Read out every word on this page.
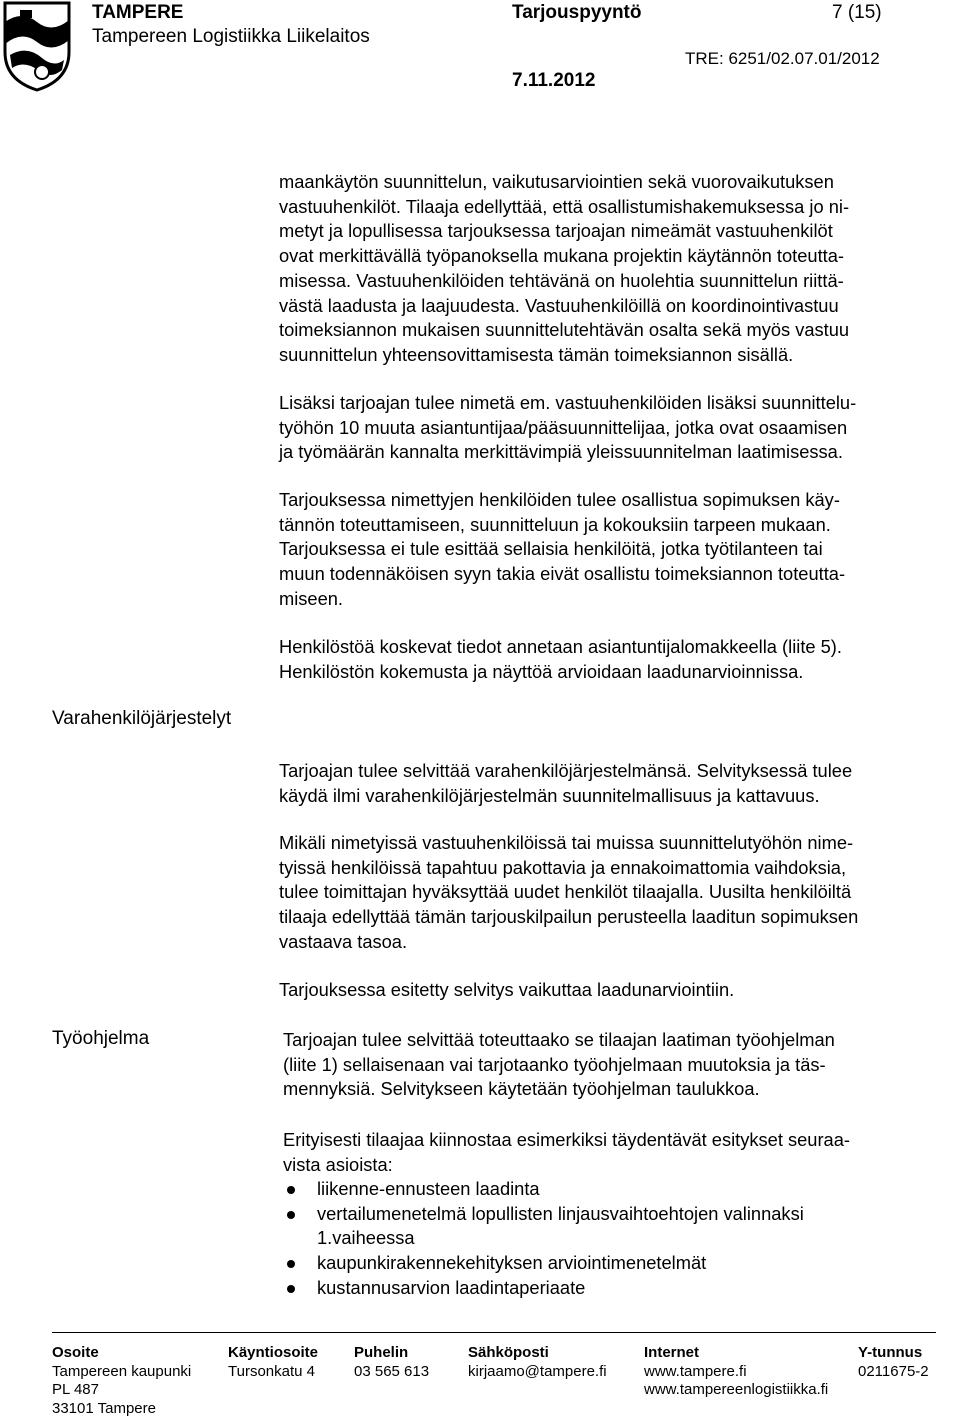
TAMPERE
Tampereen Logistiikka Liikelaitos
Tarjouspyyntö	7 (15)
TRE: 6251/02.07.01/2012
7.11.2012

maankäytön suunnittelun, vaikutusarviointien sekä vuorovaikutuksen

vastuuhenkilöt. Tilaaja edellyttää, että osallistumishakemuksessa jo ni-

metyt ja lopullisessa tarjouksessa tarjoajan nimeämät vastuuhenkilöt

ovat merkittävällä työpanoksella mukana projektin käytännön toteutta-

misessa. Vastuuhenkilöiden tehtävänä on huolehtia suunnittelun riittä-

västä laadusta ja laajuudesta. Vastuuhenkilöillä on koordinointivastuu

toimeksiannon mukaisen suunnittelutehtävän osalta sekä myös vastuu

suunnittelun yhteensovittamisesta tämän toimeksiannon sisällä.

Lisäksi tarjoajan tulee nimetä em. vastuuhenkilöiden lisäksi suunnittelu-

työhön 10 muuta asiantuntijaa/pääsuunnittelijaa, jotka ovat osaamisen

ja työmäärän kannalta merkittävimpiä yleissuunnitelman laatimisessa.

Tarjouksessa nimettyjen henkilöiden tulee osallistua sopimuksen käy-

tännön toteuttamiseen, suunnitteluun ja kokouksiin tarpeen mukaan.

Tarjouksessa ei tule esittää sellaisia henkilöitä, jotka työtilanteen tai

muun todennäköisen syyn takia eivät osallistu toimeksiannon toteutta-

miseen.

Henkilöstöä koskevat tiedot annetaan asiantuntijalomakkeella (liite 5).

Henkilöstön kokemusta ja näyttöä arvioidaan laadunarvioinnissa.

Varahenkilöjärjestelyt

Tarjoajan tulee selvittää varahenkilöjärjestelmänsä. Selvityksessä tulee

käydä ilmi varahenkilöjärjestelmän suunnitelmallisuus ja kattavuus.

Mikäli nimetyissä vastuuhenkilöissä tai muissa suunnittelutyöhön nime-

tyissä henkilöissä tapahtuu pakottavia ja ennakoimattomia vaihdoksia,

tulee toimittajan hyväksyttää uudet henkilöt tilaajalla. Uusilta henkilöiltä

tilaaja edellyttää tämän tarjouskilpailun perusteella laaditun sopimuksen

vastaava tasoa.

Tarjouksessa esitetty selvitys vaikuttaa laadunarviointiin.

Työohjelma	Tarjoajan tulee selvittää toteuttaako se tilaajan laatiman työohjelman

(liite 1) sellaisenaan vai tarjotaanko työohjelmaan muutoksia ja täs-

mennyksiä. Selvitykseen käytetään työohjelman taulukkoa.

Erityisesti tilaajaa kiinnostaa esimerkiksi täydentävät esitykset seuraa-

vista asioista:

liikenne-ennusteen laadinta
vertailumenetelmä lopullisten linjausvaihtoehtojen valinnaksi
1.vaiheessa
kaupunkirakennekehityksen arviointimenetelmät
kustannusarvion laadintaperiaate
Osoite
Tampereen kaupunki
PL 487
33101 Tampere
Käyntiosoite
Tursonkatu 4
Puhelin
03 565 613
Sähköposti
kirjaamo@tampere.fi
Internet
www.tampere.fi
www.tampereenlogistiikka.fi
Y-tunnus
0211675-2
